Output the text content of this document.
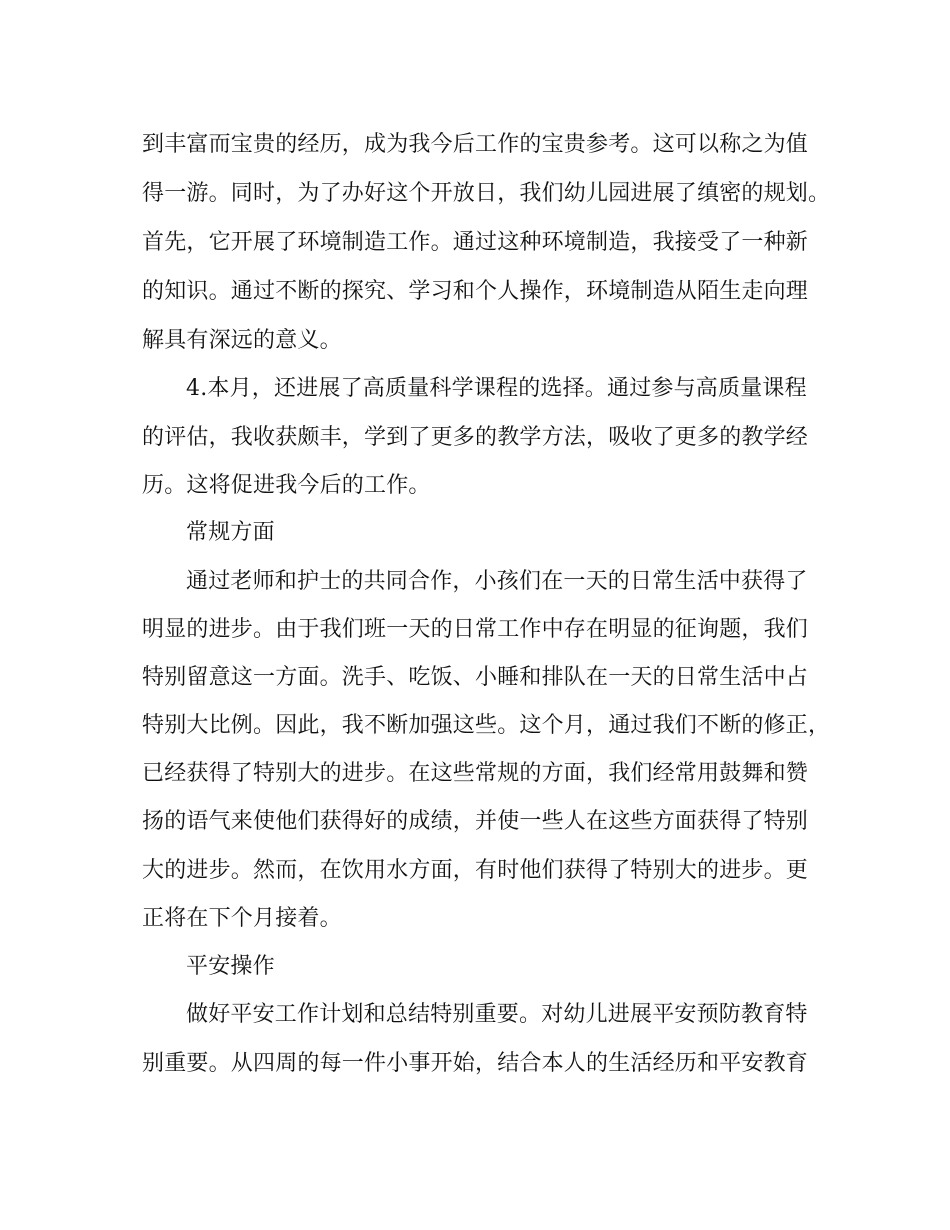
到丰富而宝贵的经历，成为我今后工作的宝贵参考。这可以称之为值
得一游。同时，为了办好这个开放日，我们幼儿园进展了缜密的规划。
首先，它开展了环境制造工作。通过这种环境制造，我接受了一种新
的知识。通过不断的探究、学习和个人操作，环境制造从陌生走向理
解具有深远的意义。
4.本月，还进展了高质量科学课程的选择。通过参与高质量课程
的评估，我收获颇丰，学到了更多的教学方法，吸收了更多的教学经
历。这将促进我今后的工作。
常规方面
通过老师和护士的共同合作，小孩们在一天的日常生活中获得了
明显的进步。由于我们班一天的日常工作中存在明显的征询题，我们
特别留意这一方面。洗手、吃饭、小睡和排队在一天的日常生活中占
特别大比例。因此，我不断加强这些。这个月，通过我们不断的修正，
已经获得了特别大的进步。在这些常规的方面，我们经常用鼓舞和赞
扬的语气来使他们获得好的成绩，并使一些人在这些方面获得了特别
大的进步。然而，在饮用水方面，有时他们获得了特别大的进步。更
正将在下个月接着。
平安操作
做好平安工作计划和总结特别重要。对幼儿进展平安预防教育特
别重要。从四周的每一件小事开始，结合本人的生活经历和平安教育
